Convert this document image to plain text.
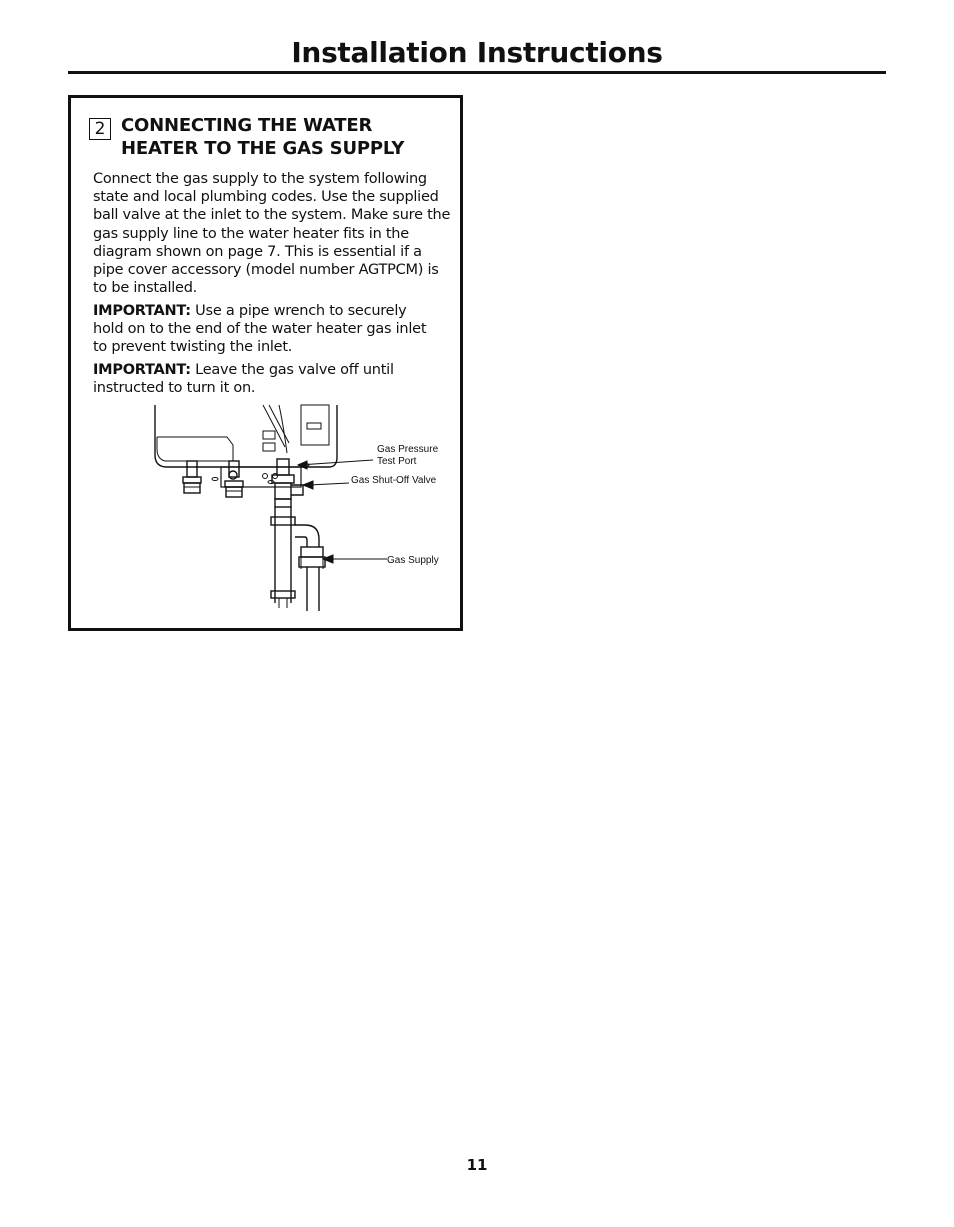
Installation Instructions
2 CONNECTING THE WATER HEATER TO THE GAS SUPPLY

Connect the gas supply to the system following state and local plumbing codes. Use the supplied ball valve at the inlet to the system. Make sure the gas supply line to the water heater fits in the diagram shown on page 7. This is essential if a pipe cover accessory (model number AGTPCM) is to be installed.

IMPORTANT: Use a pipe wrench to securely hold on to the end of the water heater gas inlet to prevent twisting the inlet.

IMPORTANT: Leave the gas valve off until instructed to turn it on.

Gas Pressure
Test Port
Gas Shut-Off Valve
Gas Supply
11
